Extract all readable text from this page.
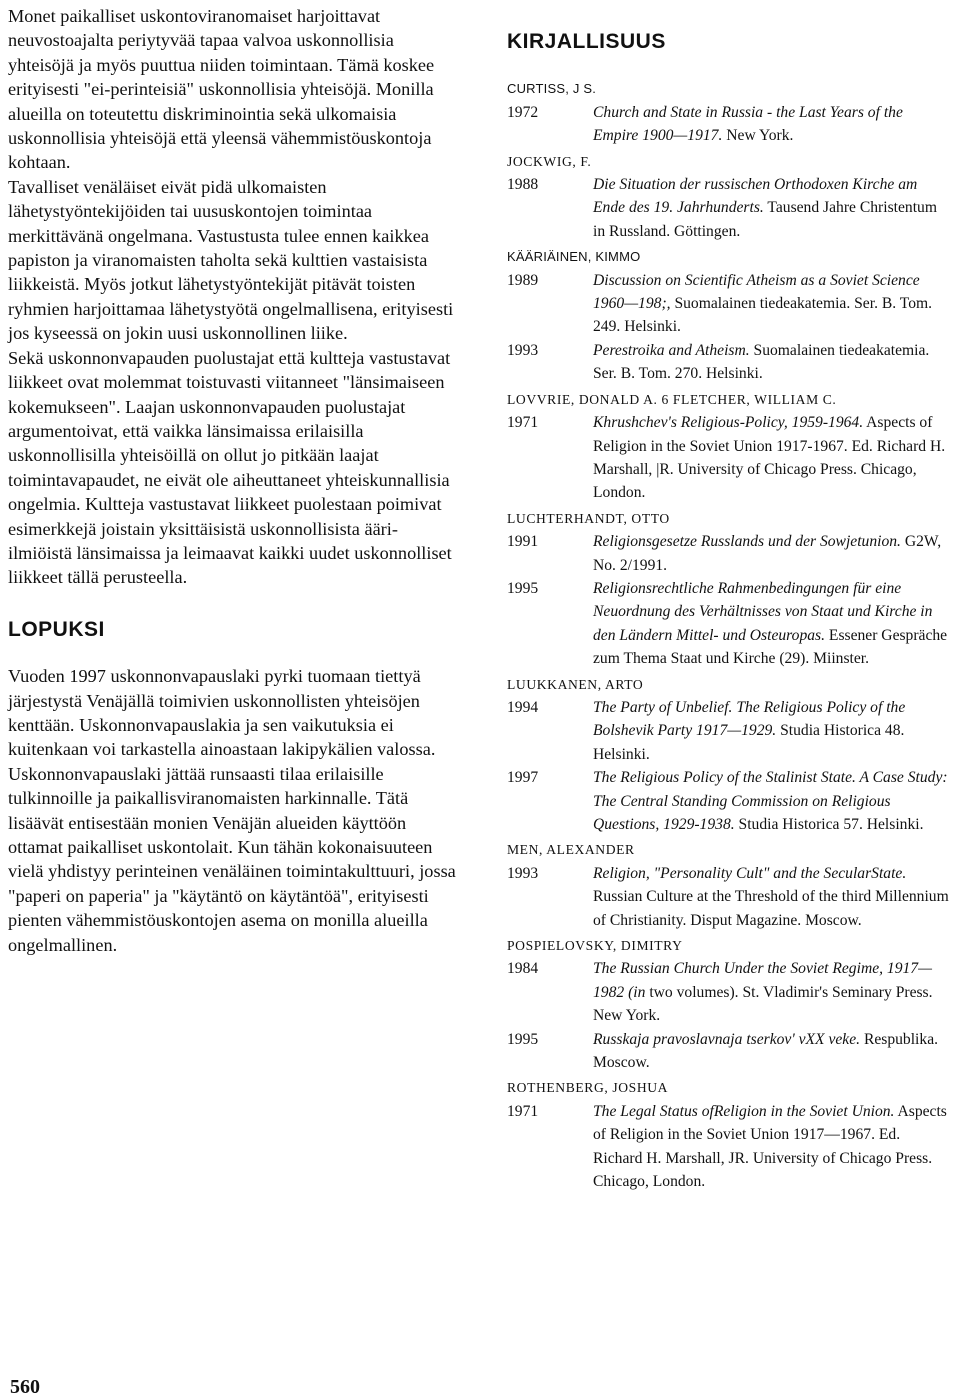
Monet paikalliset uskontoviranomaiset harjoittavat neuvostoajalta periytyvää tapaa valvoa uskonnollisia yhteisöjä ja myös puuttua niiden toimintaan. Tämä koskee erityisesti "ei-perinteisiä" uskonnollisia yhteisöjä. Monilla alueilla on toteutettu diskriminointia sekä ulkomaisia uskonnollisia yhteisöjä että yleensä vähemmistöuskontoja kohtaan.

Tavalliset venäläiset eivät pidä ulkomaisten lähetystyöntekijöiden tai uususkontojen toimintaa merkittävänä ongelmana. Vastustusta tulee ennen kaikkea papiston ja viranomaisten taholta sekä kulttien vastaisista liikkeistä. Myös jotkut lähetystyöntekijät pitävät toisten ryhmien harjoittamaa lähetystyötä ongelmallisena, erityisesti jos kyseessä on jokin uusi uskonnollinen liike.

Sekä uskonnonvapauden puolustajat että kultteja vastustavat liikkeet ovat molemmat toistuvasti viitanneet "länsimaiseen kokemukseen". Laajan uskonnonvapauden puolustajat argumentoivat, että vaikka länsimaissa erilaisilla uskonnollisilla yhteisöillä on ollut jo pitkään laajat toimintavapaudet, ne eivät ole aiheuttaneet yhteiskunnallisia ongelmia. Kultteja vastustavat liikkeet puolestaan poimivat esimerkkejä joistain yksittäisistä uskonnollisista ääri-ilmiöistä länsimaissa ja leimaavat kaikki uudet uskonnolliset liikkeet tällä perusteella.

LOPUKSI

Vuoden 1997 uskonnonvapauslaki pyrki tuomaan tiettyä järjestystä Venäjällä toimivien uskonnollisten yhteisöjen kenttään. Uskonnonvapauslakia ja sen vaikutuksia ei kuitenkaan voi tarkastella ainoastaan lakipykälien valossa. Uskonnonvapauslaki jättää runsaasti tilaa erilaisille tulkinnoille ja paikallisviranomaisten harkinnalle. Tätä lisäävät entisestään monien Venäjän alueiden käyttöön ottamat paikalliset uskontolait. Kun tähän kokonaisuuteen vielä yhdistyy perinteinen venäläinen toimintakulttuuri, jossa "paperi on paperia" ja "käytäntö on käytäntöä", erityisesti pienten vähemmistöuskontojen asema on monilla alueilla ongelmallinen.

KIRJALLISUUS
CURTISS, J S.
1972	Church and State in Russia - the Last Years of the Empire 1900—1917. New York.
JOCKWIG, F.
1988	Die Situation der russischen Orthodoxen Kirche am Ende des 19. Jahrhunderts. Tausend Jahre Christentum in Russland. Göttingen.
KÄÄRIÄINEN, KIMMO
1989	Discussion on Scientific Atheism as a Soviet Science 1960—198;, Suomalainen tiedeakatemia. Ser. B. Tom. 249. Helsinki.
1993	Perestroika and Atheism. Suomalainen tiedeakatemia. Ser. B. Tom. 270. Helsinki.
LOVVRIE, DONALD A. 6 FLETCHER, WILLIAM C.
1971	Khrushchev's Religious-Policy, 1959-1964. Aspects of Religion in the Soviet Union 1917-1967. Ed. Richard H. Marshall, |R. University of Chicago Press. Chicago, London.
LUCHTERHANDT, OTTO
1991	Religionsgesetze Russlands und der Sowjetunion. G2W, No. 2/1991.
1995	Religionsrechtliche Rahmenbedingungen für eine Neuordnung des Verhältnisses von Staat und Kirche in den Ländern Mittel- und Osteuropas. Essener Gespräche zum Thema Staat und Kirche (29). Miinster.
LUUKKANEN, ARTO
1994	The Party of Unbelief. The Religious Policy of the Bolshevik Party 1917—1929. Studia Historica 48. Helsinki.
1997	The Religious Policy of the Stalinist State. A Case Study: The Central Standing Commission on Religious Questions, 1929-1938. Studia Historica 57. Helsinki.
MEN, ALEXANDER
1993	Religion, "Personality Cult" and the SecularState. Russian Culture at the Threshold of the third Millennium of Christianity. Disput Magazine. Moscow.
POSPIELOVSKY, DIMITRY
1984	The Russian Church Under the Soviet Regime, 1917—1982 (in two volumes). St. Vladimir's Seminary Press. New York.
1995	Russkaja pravoslavnaja tserkov' vXX veke. Respublika. Moscow.
ROTHENBERG, JOSHUA
1971	The Legal Status ofReligion in the Soviet Union. Aspects of Religion in the Soviet Union 1917—1967. Ed. Richard H. Marshall, JR. University of Chicago Press. Chicago, London.
560
